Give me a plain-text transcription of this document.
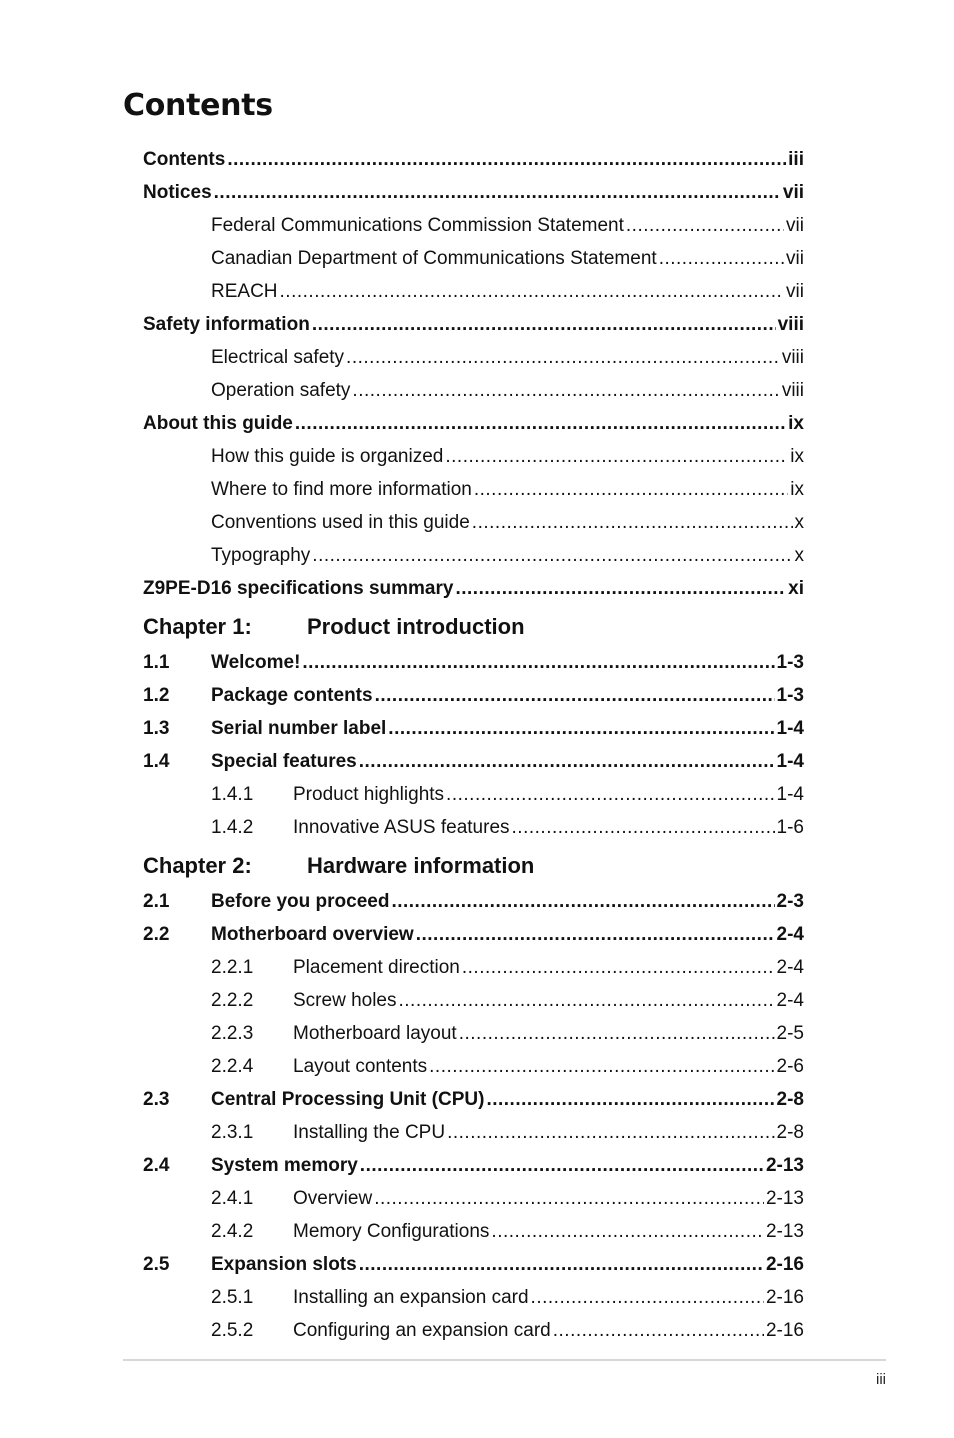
Contents
Contents .....	iii
Notices .....	vii
Federal Communications Commission Statement .....	vii
Canadian Department of Communications Statement .....	vii
REACH .....	vii
Safety information .....	viii
Electrical safety .....	viii
Operation safety .....	viii
About this guide .....	ix
How this guide is organized .....	ix
Where to find more information .....	ix
Conventions used in this guide .....	x
Typography .....	x
Z9PE-D16 specifications summary .....	xi
Chapter 1:	Product introduction
1.1	Welcome! .....	1-3
1.2	Package contents .....	1-3
1.3	Serial number label .....	1-4
1.4	Special features .....	1-4
1.4.1	Product highlights .....	1-4
1.4.2	Innovative ASUS features .....	1-6
Chapter 2:	Hardware information
2.1	Before you proceed .....	2-3
2.2	Motherboard overview .....	2-4
2.2.1	Placement direction .....	2-4
2.2.2	Screw holes .....	2-4
2.2.3	Motherboard layout .....	2-5
2.2.4	Layout contents .....	2-6
2.3	Central Processing Unit (CPU) .....	2-8
2.3.1	Installing the CPU .....	2-8
2.4	System memory .....	2-13
2.4.1	Overview .....	2-13
2.4.2	Memory Configurations .....	2-13
2.5	Expansion slots .....	2-16
2.5.1	Installing an expansion card .....	2-16
2.5.2	Configuring an expansion card .....	2-16
iii
